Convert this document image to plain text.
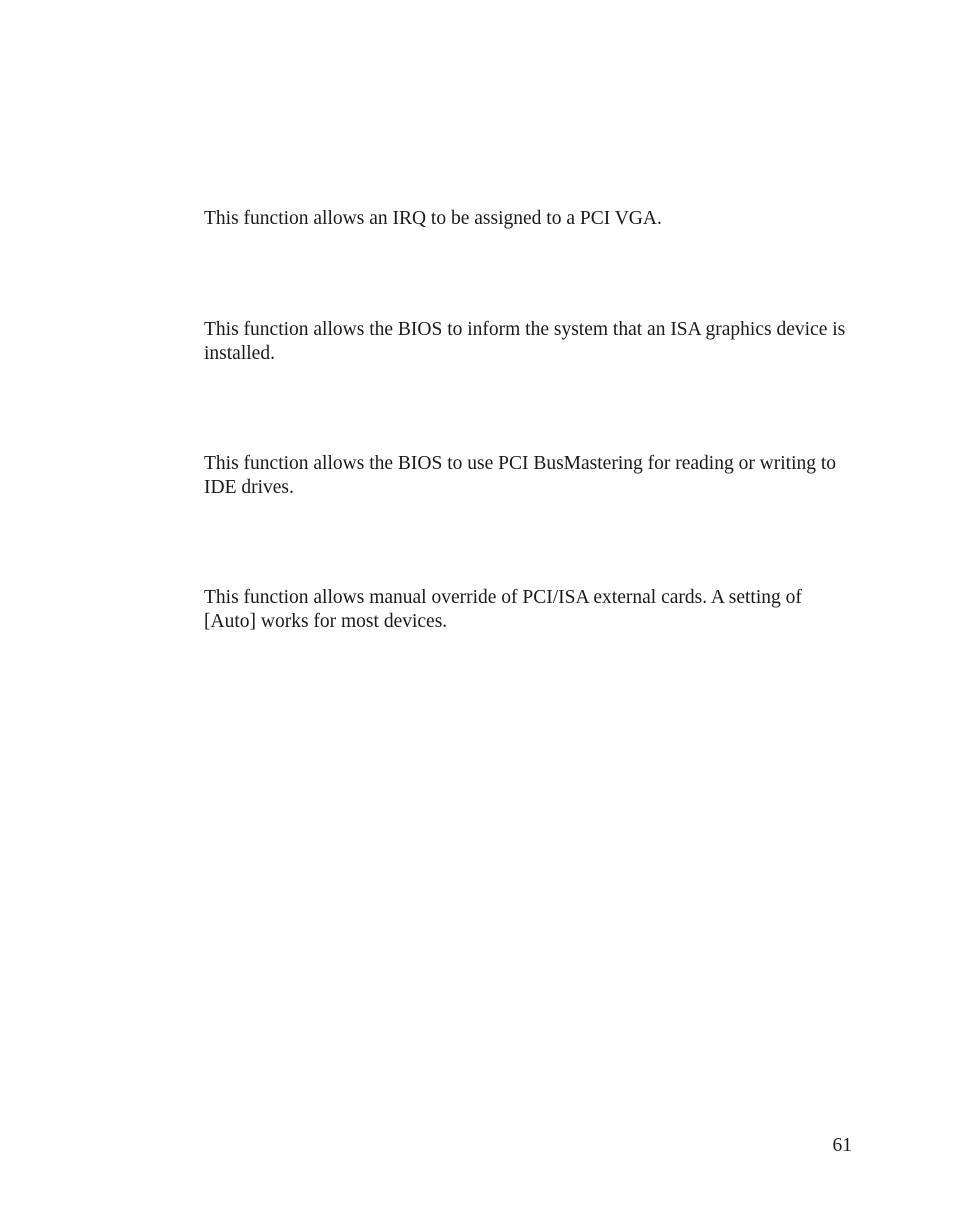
This function allows an IRQ to be assigned to a PCI VGA.

This function allows the BIOS to inform the system that an ISA graphics device is installed.

This function allows the BIOS to use PCI BusMastering for reading or writing to IDE drives.

This function allows manual override of PCI/ISA external cards. A setting of [Auto] works for most devices.

61
